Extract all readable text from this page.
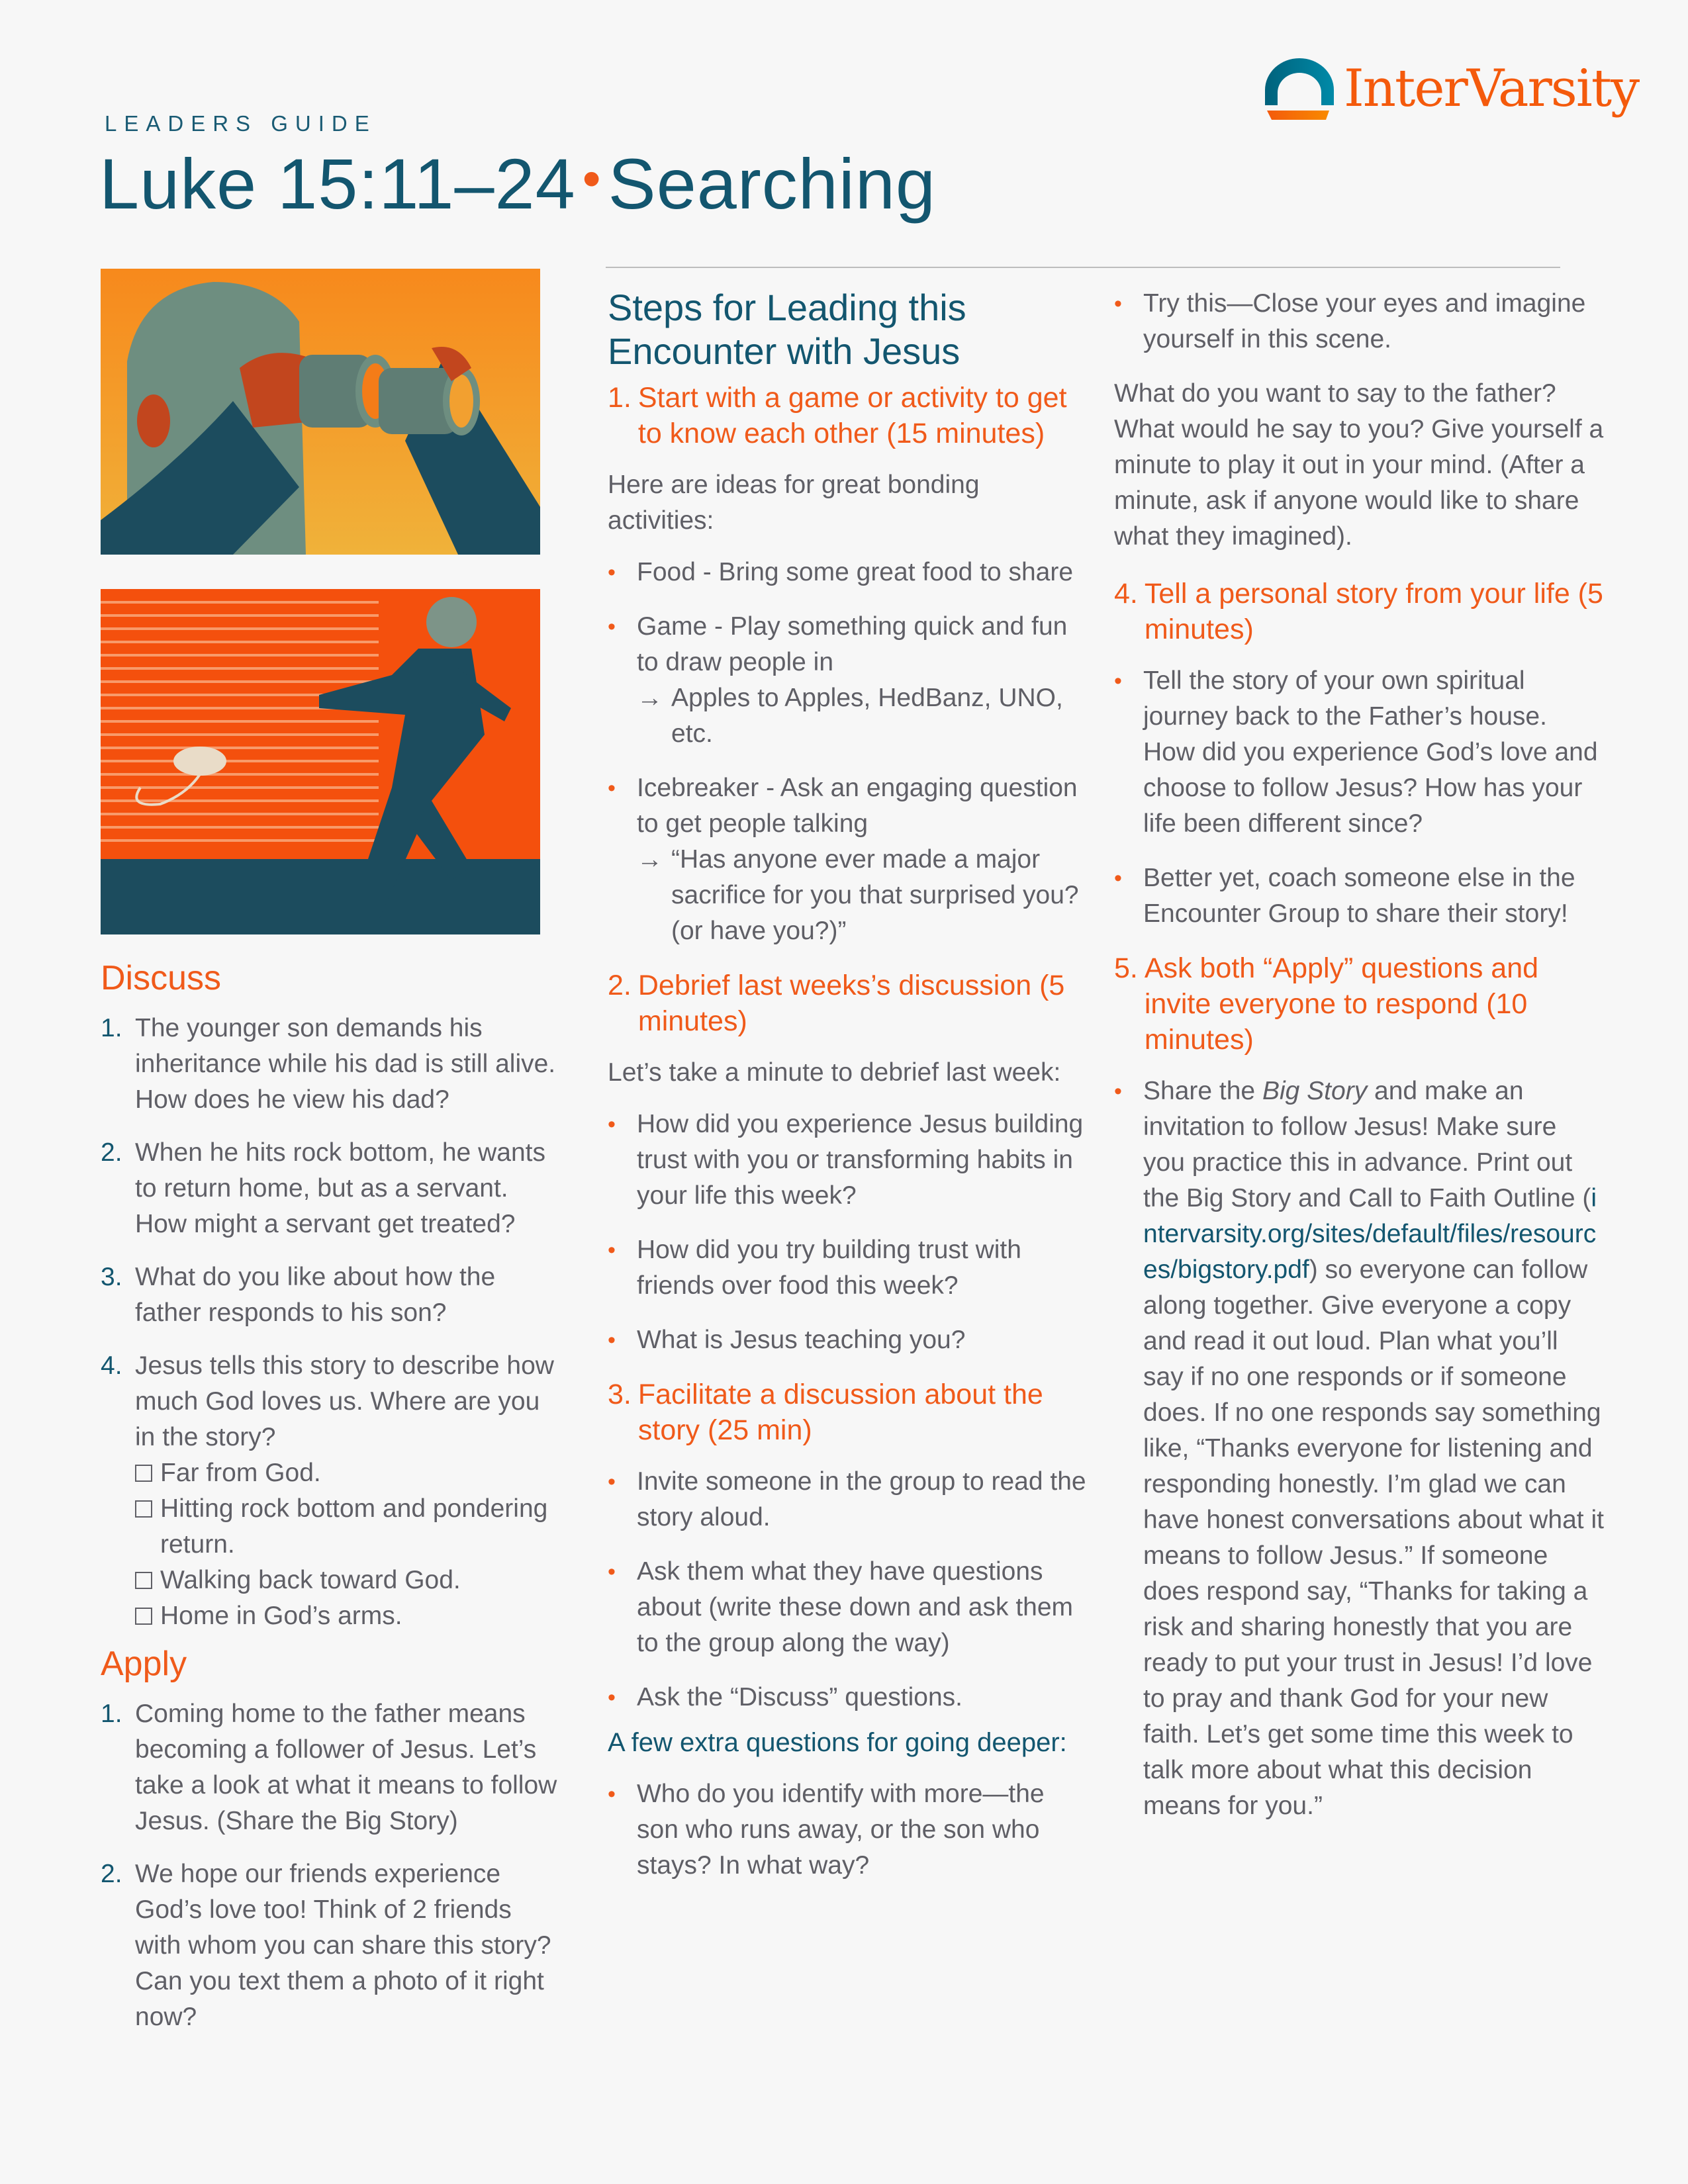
LEADERS GUIDE
Luke 15:11–24 •Searching
InterVarsity
Discuss
1. The younger son demands his inheritance while his dad is still alive. How does he view his dad?
2. When he hits rock bottom, he wants to return home, but as a servant. How might a servant get treated?
3. What do you like about how the father responds to his son?
4. Jesus tells this story to describe how much God loves us. Where are you in the story?
Far from God.
Hitting rock bottom and pondering return.
Walking back toward God.
Home in God’s arms.
Apply
1. Coming home to the father means becoming a follower of Jesus. Let’s take a look at what it means to follow Jesus. (Share the Big Story)
2. We hope our friends experience God’s love too! Think of 2 friends with whom you can share this story? Can you text them a photo of it right now?
Steps for Leading this Encounter with Jesus
1. Start with a game or activity to get to know each other (15 minutes)
Here are ideas for great bonding activities:
• Food - Bring some great food to share
• Game - Play something quick and fun to draw people in
→ Apples to Apples, HedBanz, UNO, etc.
• Icebreaker - Ask an engaging question to get people talking
→ “Has anyone ever made a major sacrifice for you that surprised you? (or have you?)”
2. Debrief last weeks’s discussion (5 minutes)
Let’s take a minute to debrief last week:
• How did you experience Jesus building trust with you or transforming habits in your life this week?
• How did you try building trust with friends over food this week?
• What is Jesus teaching you?
3. Facilitate a discussion about the story (25 min)
• Invite someone in the group to read the story aloud.
• Ask them what they have questions about (write these down and ask them to the group along the way)
• Ask the “Discuss” questions.
A few extra questions for going deeper:
• Who do you identify with more—the son who runs away, or the son who stays? In what way?
• Try this—Close your eyes and imagine yourself in this scene.
What do you want to say to the father? What would he say to you? Give yourself a minute to play it out in your mind. (After a minute, ask if anyone would like to share what they imagined).
4. Tell a personal story from your life (5 minutes)
• Tell the story of your own spiritual journey back to the Father’s house. How did you experience God’s love and choose to follow Jesus? How has your life been different since?
• Better yet, coach someone else in the Encounter Group to share their story!
5. Ask both “Apply” questions and invite everyone to respond (10 minutes)
• Share the Big Story and make an invitation to follow Jesus! Make sure you practice this in advance. Print out the Big Story and Call to Faith Outline (intervarsity.org/sites/default/files/resources/bigstory.pdf) so everyone can follow along together. Give everyone a copy and read it out loud. Plan what you’ll say if no one responds or if someone does. If no one responds say something like, “Thanks everyone for listening and responding honestly. I’m glad we can have honest conversations about what it means to follow Jesus.” If someone does respond say, “Thanks for taking a risk and sharing honestly that you are ready to put your trust in Jesus! I’d love to pray and thank God for your new faith. Let’s get some time this week to talk more about what this decision means for you.”
